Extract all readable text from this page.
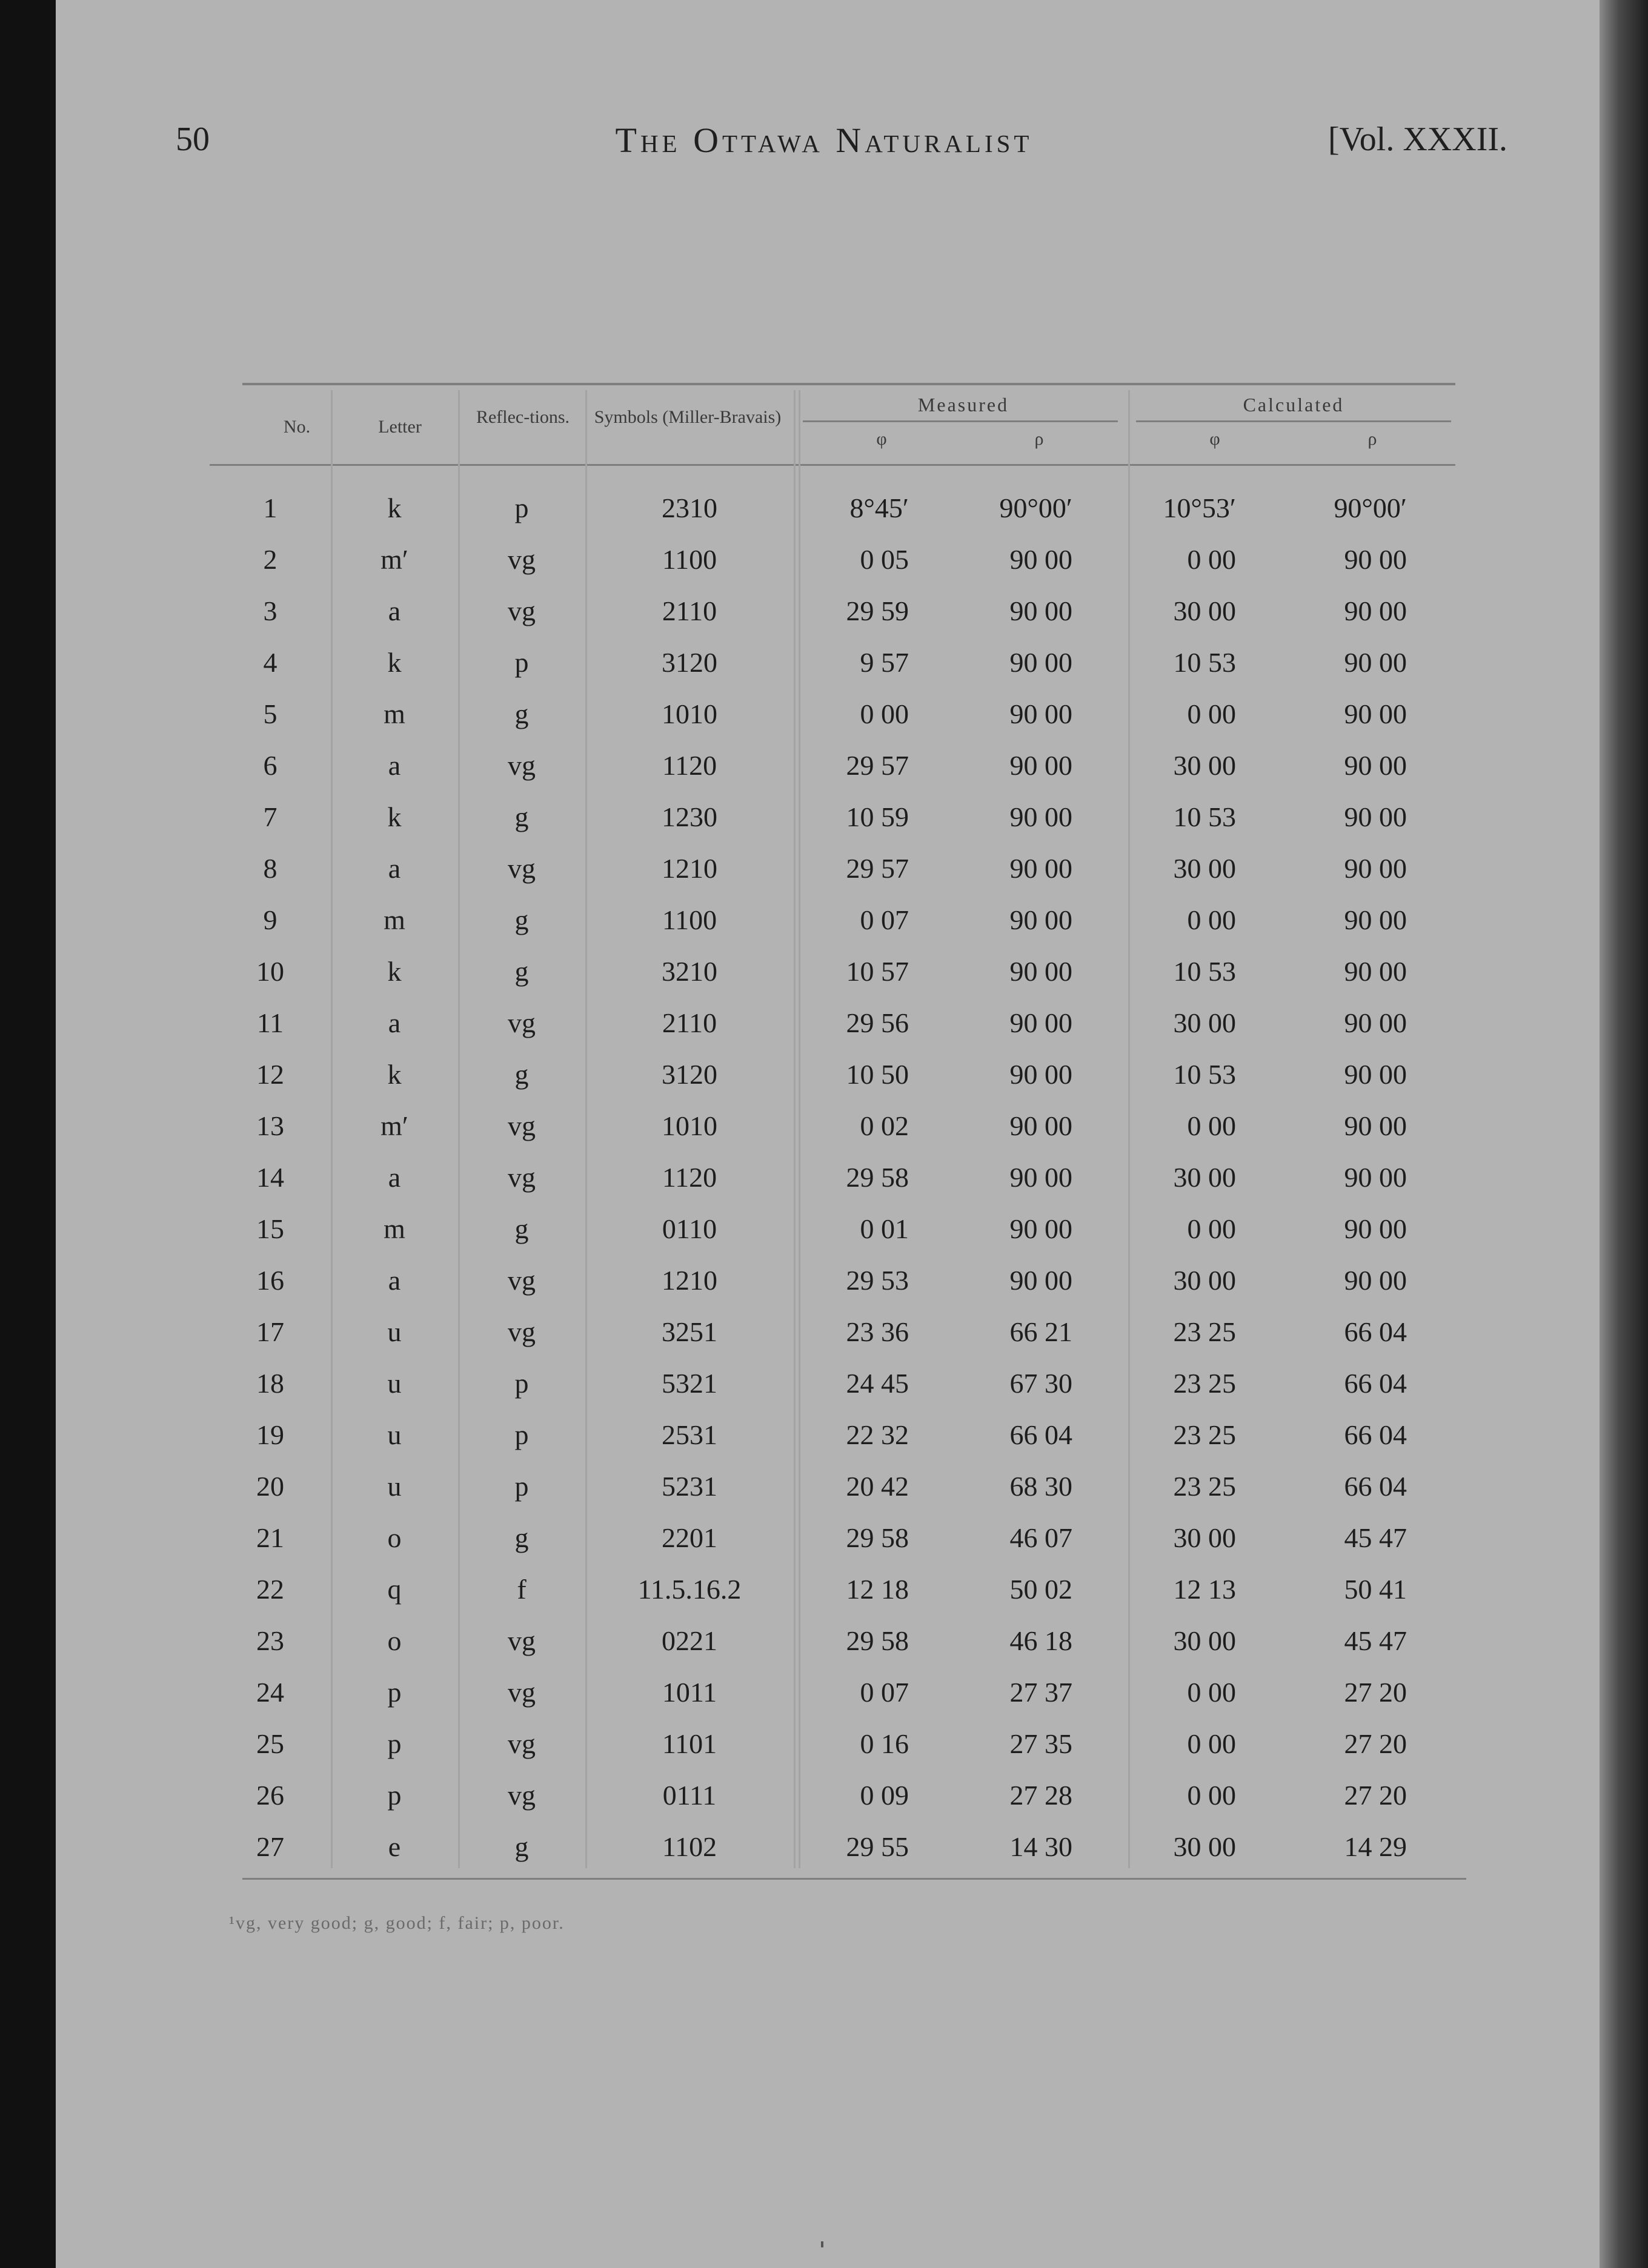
50	The Ottawa Naturalist	[Vol. XXXII.
No.	Letter	Reflec-tions.	Symbols (Miller-Bravais)
Measured	Calculated
φ	ρ	φ	ρ
1	k	p	2310	8°45′	90°00′	10°53′	90°00′
2	m′	vg	1100	0 05	90 00	0 00	90 00
3	a	vg	2110	29 59	90 00	30 00	90 00
4	k	p	3120	9 57	90 00	10 53	90 00
5	m	g	1010	0 00	90 00	0 00	90 00
6	a	vg	1120	29 57	90 00	30 00	90 00
7	k	g	1230	10 59	90 00	10 53	90 00
8	a	vg	1210	29 57	90 00	30 00	90 00
9	m	g	1100	0 07	90 00	0 00	90 00
10	k	g	3210	10 57	90 00	10 53	90 00
11	a	vg	2110	29 56	90 00	30 00	90 00
12	k	g	3120	10 50	90 00	10 53	90 00
13	m′	vg	1010	0 02	90 00	0 00	90 00
14	a	vg	1120	29 58	90 00	30 00	90 00
15	m	g	0110	0 01	90 00	0 00	90 00
16	a	vg	1210	29 53	90 00	30 00	90 00
17	u	vg	3251	23 36	66 21	23 25	66 04
18	u	p	5321	24 45	67 30	23 25	66 04
19	u	p	2531	22 32	66 04	23 25	66 04
20	u	p	5231	20 42	68 30	23 25	66 04
21	o	g	2201	29 58	46 07	30 00	45 47
22	q	f	11.5.16.2	12 18	50 02	12 13	50 41
23	o	vg	0221	29 58	46 18	30 00	45 47
24	p	vg	1011	0 07	27 37	0 00	27 20
25	p	vg	1101	0 16	27 35	0 00	27 20
26	p	vg	0111	0 09	27 28	0 00	27 20
27	e	g	1102	29 55	14 30	30 00	14 29
¹vg, very good; g, good; f, fair; p, poor.
